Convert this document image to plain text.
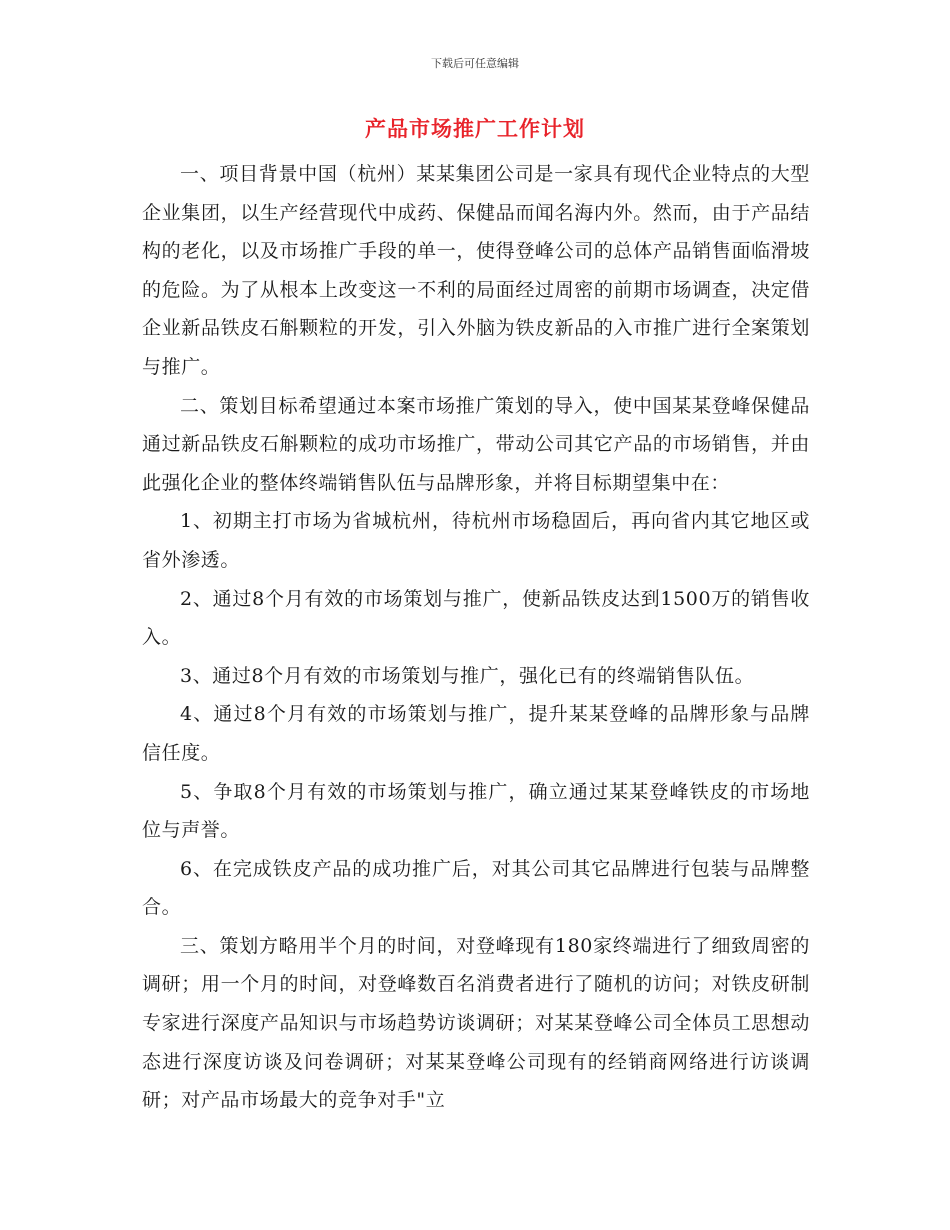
下载后可任意编辑
产品市场推广工作计划

一、项目背景中国（杭州）某某集团公司是一家具有现代企业特点的大型企业集团，以生产经营现代中成药、保健品而闻名海内外。然而，由于产品结构的老化，以及市场推广手段的单一，使得登峰公司的总体产品销售面临滑坡的危险。为了从根本上改变这一不利的局面经过周密的前期市场调查，决定借企业新品铁皮石斛颗粒的开发，引入外脑为铁皮新品的入市推广进行全案策划与推广。

二、策划目标希望通过本案市场推广策划的导入，使中国某某登峰保健品通过新品铁皮石斛颗粒的成功市场推广，带动公司其它产品的市场销售，并由此强化企业的整体终端销售队伍与品牌形象，并将目标期望集中在：

1、初期主打市场为省城杭州，待杭州市场稳固后，再向省内其它地区或省外渗透。

2、通过8个月有效的市场策划与推广，使新品铁皮达到1500万的销售收入。

3、通过8个月有效的市场策划与推广，强化已有的终端销售队伍。

4、通过8个月有效的市场策划与推广，提升某某登峰的品牌形象与品牌信任度。

5、争取8个月有效的市场策划与推广，确立通过某某登峰铁皮的市场地位与声誉。

6、在完成铁皮产品的成功推广后，对其公司其它品牌进行包装与品牌整合。

三、策划方略用半个月的时间，对登峰现有180家终端进行了细致周密的调研；用一个月的时间，对登峰数百名消费者进行了随机的访问；对铁皮研制专家进行深度产品知识与市场趋势访谈调研；对某某登峰公司全体员工思想动态进行深度访谈及问卷调研；对某某登峰公司现有的经销商网络进行访谈调研；对产品市场最大的竞争对手"立
